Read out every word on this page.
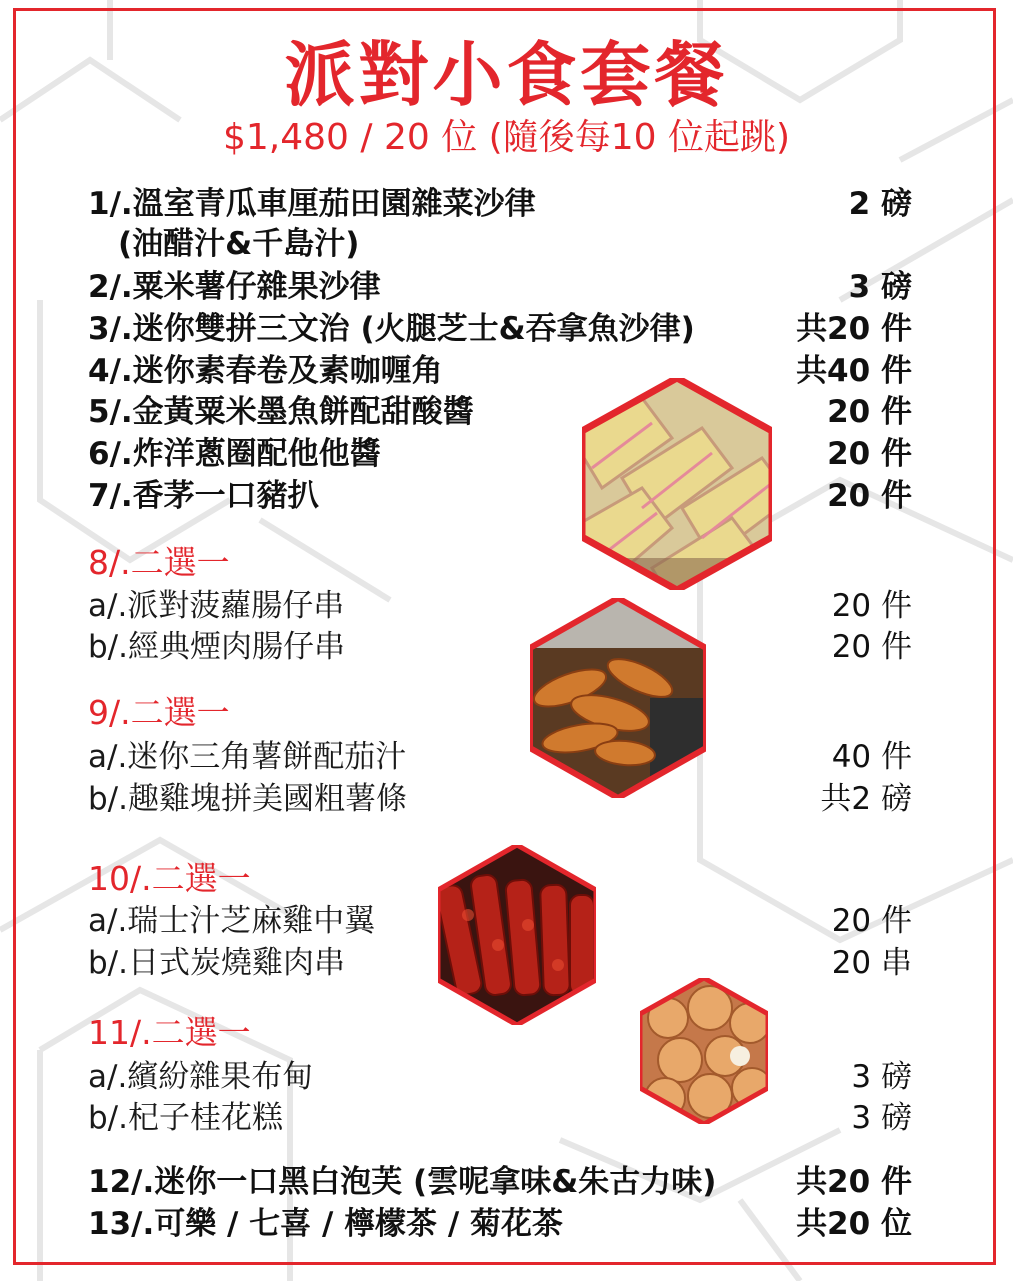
派對小食套餐
$1,480 / 20 位 (隨後每10 位起跳)
1/.溫室青瓜車厘茄田園雜菜沙律	2 磅
(油醋汁&千島汁)
2/.粟米薯仔雜果沙律	3 磅
3/.迷你雙拼三文治 (火腿芝士&吞拿魚沙律)	共20 件
4/.迷你素春卷及素咖喱角	共40 件
5/.金黃粟米墨魚餅配甜酸醬	20 件
6/.炸洋蔥圈配他他醬	20 件
7/.香茅一口豬扒	20 件
8/.二選一
a/.派對菠蘿腸仔串	20 件
b/.經典煙肉腸仔串	20 件
9/.二選一
a/.迷你三角薯餅配茄汁	40 件
b/.趣雞塊拼美國粗薯條	共2 磅
10/.二選一
a/.瑞士汁芝麻雞中翼	20 件
b/.日式炭燒雞肉串	20 串
11/.二選一
a/.繽紛雜果布甸	3 磅
b/.杞子桂花糕	3 磅
12/.迷你一口黑白泡芙 (雲呢拿味&朱古力味)	共20 件
13/.可樂 / 七喜 / 檸檬茶 / 菊花茶	共20 位
